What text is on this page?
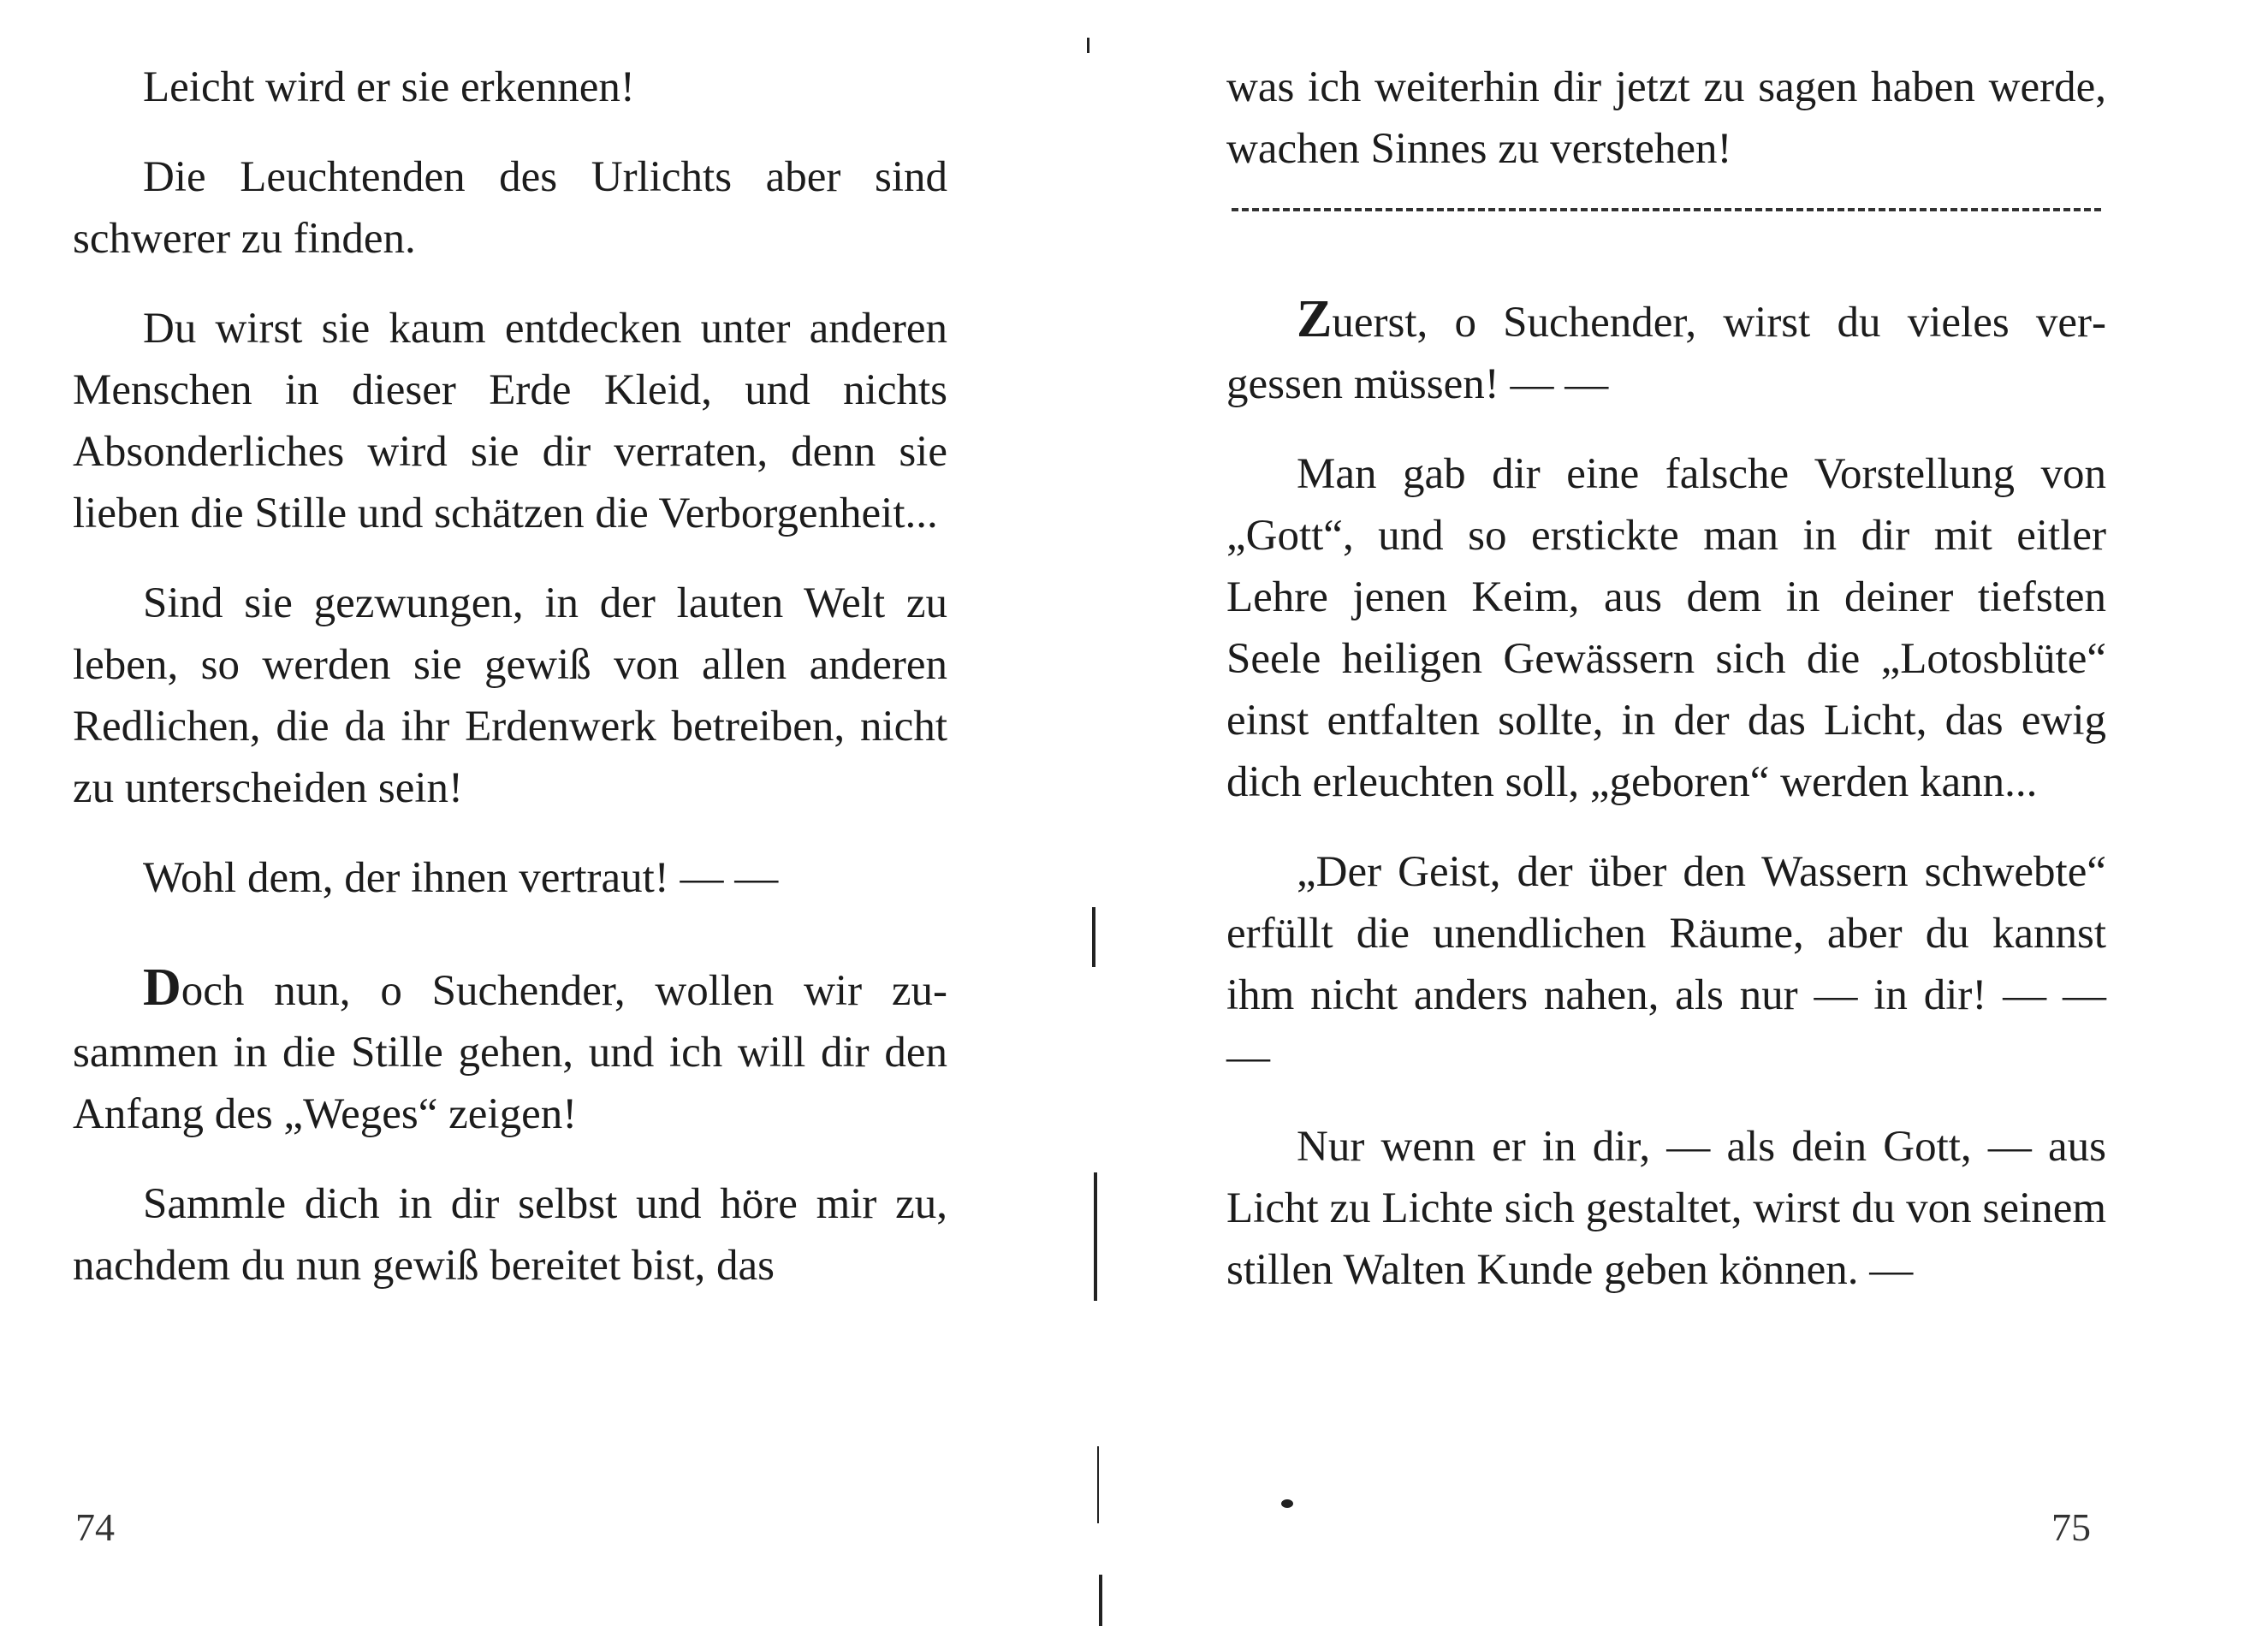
Leicht wird er sie erkennen!

Die Leuchtenden des Urlichts aber sind schwerer zu finden.

Du wirst sie kaum entdecken unter anderen Menschen in dieser Erde Kleid, und nichts Absonderliches wird sie dir verraten, denn sie lieben die Stille und schätzen die Verborgenheit...

Sind sie gezwungen, in der lauten Welt zu leben, so werden sie gewiß von allen anderen Redlichen, die da ihr Erdenwerk betreiben, nicht zu unterscheiden sein!

Wohl dem, der ihnen vertraut! — —

Doch nun, o Suchender, wollen wir zusammen in die Stille gehen, und ich will dir den Anfang des „Weges“ zeigen!

Sammle dich in dir selbst und höre mir zu, nachdem du nun gewiß bereitet bist, das

74

was ich weiterhin dir jetzt zu sagen haben werde, wachen Sinnes zu verstehen!

Zuerst, o Suchender, wirst du vieles vergessen müssen! — —

Man gab dir eine falsche Vorstellung von „Gott“, und so erstickte man in dir mit eitler Lehre jenen Keim, aus dem in deiner tiefsten Seele heiligen Gewässern sich die „Lotosblüte“ einst entfalten sollte, in der das Licht, das ewig dich erleuchten soll, „geboren“ werden kann...

„Der Geist, der über den Wassern schwebte“ erfüllt die unendlichen Räume, aber du kannst ihm nicht anders nahen, als nur — in dir! — — —

Nur wenn er in dir, — als dein Gott, — aus Licht zu Lichte sich gestaltet, wirst du von seinem stillen Walten Kunde geben können. —

75
